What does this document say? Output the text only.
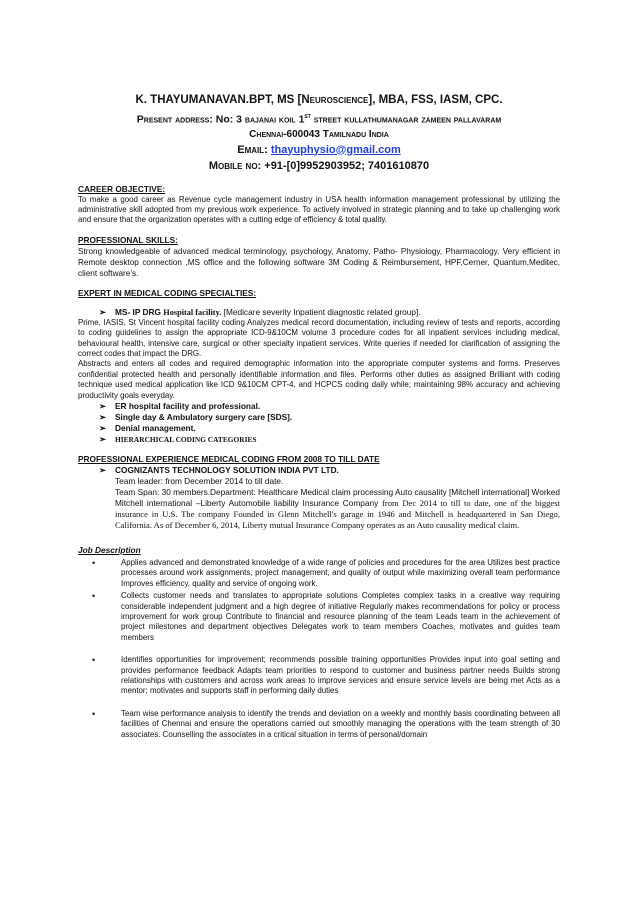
K. THAYUMANAVAN.BPT, MS [Neuroscience], MBA, FSS, IASM, CPC.
Present address: No: 3 bajanai koil 1st street kullathumanagar zameen pallavaram
Chennai-600043 Tamilnadu India
Email: thayuphysio@gmail.com
Mobile no: +91-[0]9952903952; 7401610870
CAREER OBJECTIVE:
To make a good career as Revenue cycle management industry in USA health information management professional by utilizing the administrative skill adopted from my previous work experience. To actively involved in strategic planning and to take up challenging work and ensure that the organization operates with a cutting edge of efficiency & total quality.
PROFESSIONAL SKILLS:
Strong knowledgeable of advanced medical terminology, psychology, Anatomy, Patho- Physiology, Pharmacology. Very efficient in Remote desktop connection ,MS office and the following software 3M Coding & Reimbursement, HPF,Cerner, Quantum,Meditec, client software’s.
EXPERT IN MEDICAL CODING SPECIALTIES:
➢ MS- IP DRG Hospital facility. [Medicare severity Inpatient diagnostic related group].
Prime, IASIS, St Vincent hospital facility coding Analyzes medical record documentation, including review of tests and reports, according to coding guidelines to assign the appropriate ICD-9&10CM volume 3 procedure codes for all inpatient services including medical, behavioural health, intensive care, surgical or other specialty inpatient services. Write queries if needed for clarification of assigning the correct codes that impact the DRG.
Abstracts and enters all codes and required demographic information into the appropriate computer systems and forms. Preserves confidential protected health and personally identifiable information and files. Performs other duties as assigned Brilliant with coding technique used medical application like ICD 9&10CM CPT-4, and HCPCS coding daily while; maintaining 98% accuracy and achieving productivity goals everyday.
➢ ER hospital facility and professional.
➢ Single day & Ambulatory surgery care [SDS].
➢ Denial management.
➢ HIERARCHICAL CODING CATEGORIES
PROFESSIONAL EXPERIENCE MEDICAL CODING FROM 2008 TO TILL DATE
➢ COGNIZANTS TECHNOLOGY SOLUTION INDIA PVT LTD.
Team leader: from December 2014 to till date.
Team Span: 30 members.Department: Healthcare Medical claim processing Auto causality [Mitchell international] Worked Mitchell international –Liberty Automobile liability Insurance Company from Dec 2014 to till to date, one of the biggest insurance in U.S. The company Founded in Glenn Mitchell's garage in 1946 and Mitchell is headquartered in San Diego, California. As of December 6, 2014, Liberty mutual Insurance Company operates as an Auto causality medical claim.
Job Description
•	Applies advanced and demonstrated knowledge of a wide range of policies and procedures for the area Utilizes best practice processes around work assignments, project management, and quality of output while maximizing overall team performance Improves efficiency, quality and service of ongoing work.
•	Collects customer needs and translates to appropriate solutions Completes complex tasks in a creative way requiring considerable independent judgment and a high degree of initiative Regularly makes recommendations for policy or process improvement for work group Contribute to financial and resource planning of the team Leads team in the achievement of project milestones and department objectives Delegates work to team members Coaches, motivates and guides team members
•	Identifies opportunities for improvement; recommends possible training opportunities Provides input into goal setting and provides performance feedback Adapts team priorities to respond to customer and business partner needs Builds strong relationships with customers and across work areas to improve services and ensure service levels are being met Acts as a mentor; motivates and supports staff in performing daily duties
•	Team wise performance analysis to identify the trends and deviation on a weekly and monthly basis coordinating between all facilities of Chennai and ensure the operations carried out smoothly managing the operations with the team strength of 30 associates. Counselling the associates in a critical situation in terms of personal/domain
